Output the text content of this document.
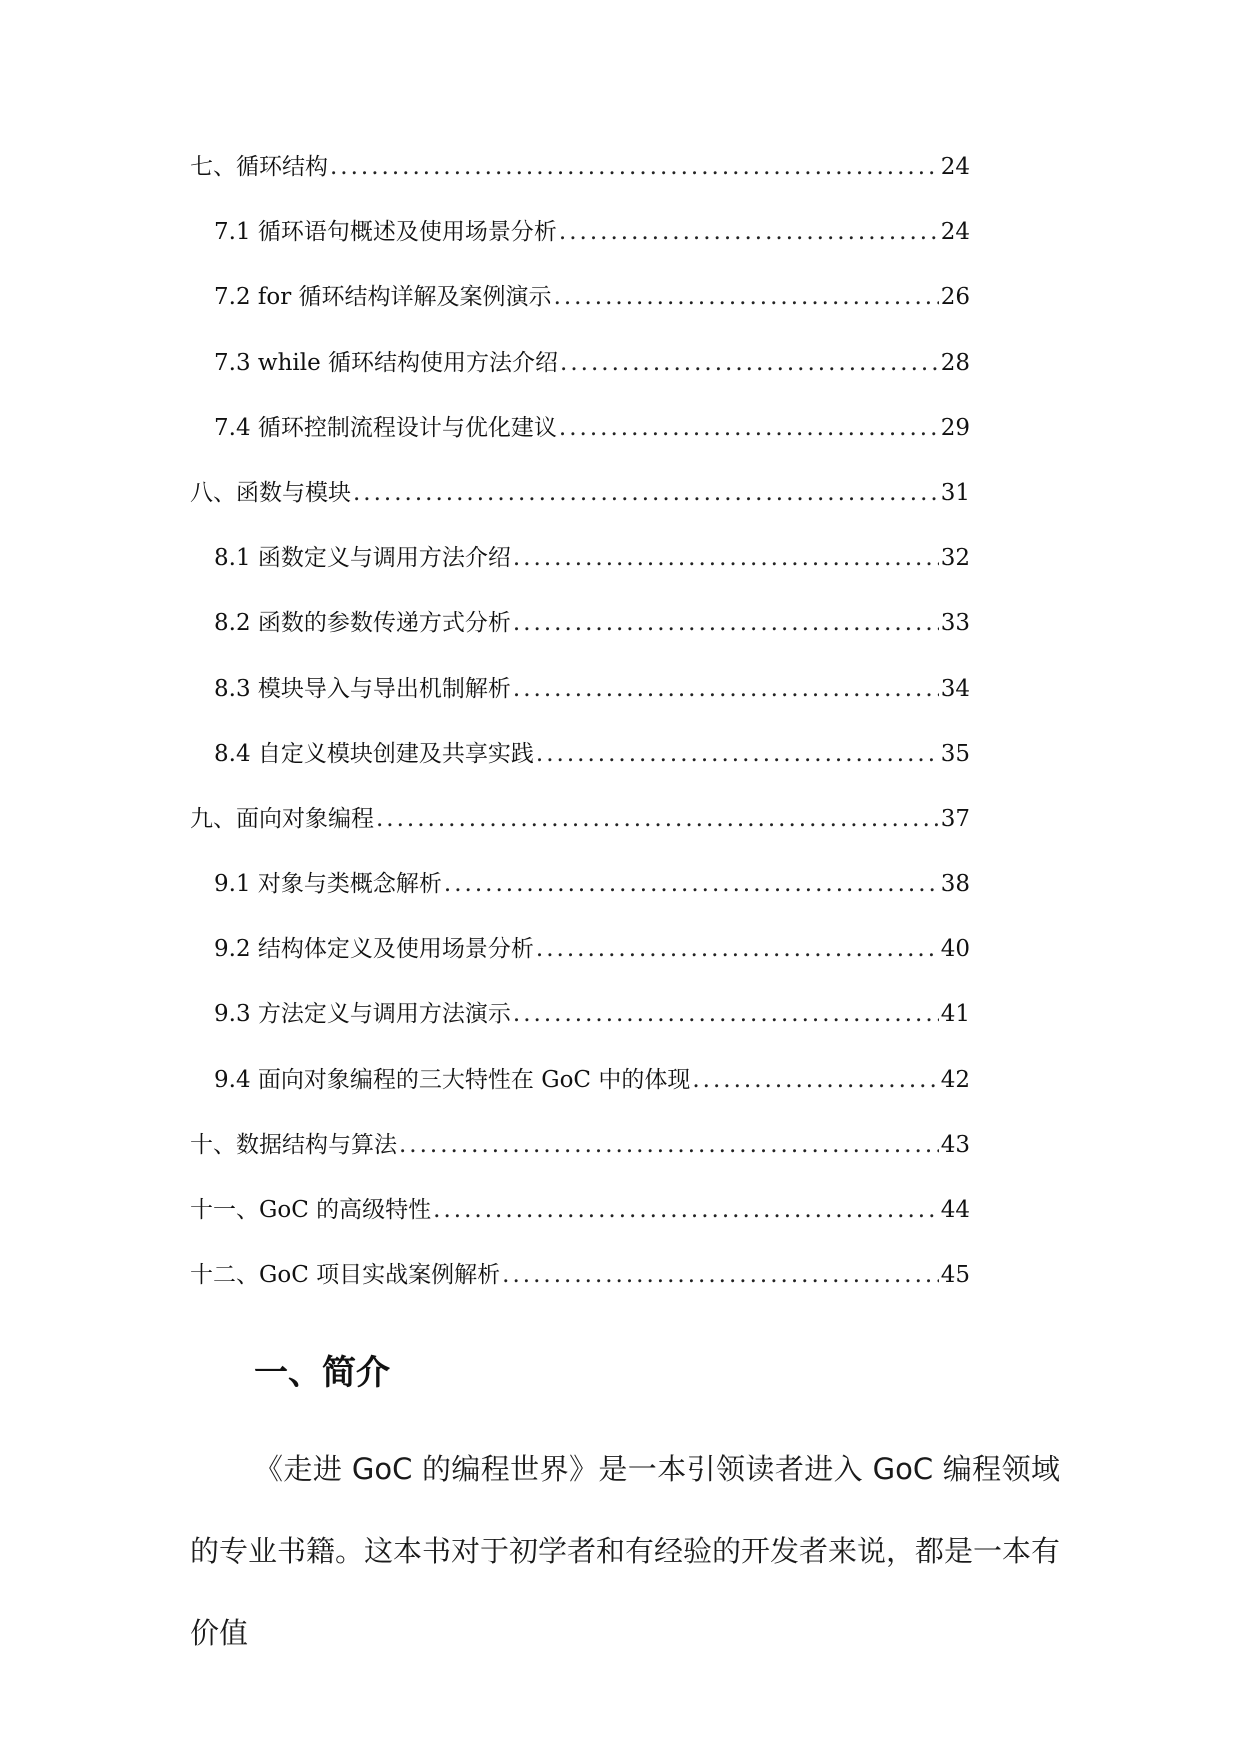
七、循环结构 .....	24
7.1 循环语句概述及使用场景分析 .....	24
7.2 for 循环结构详解及案例演示 .....	26
7.3 while 循环结构使用方法介绍 .....	28
7.4 循环控制流程设计与优化建议 .....	29
八、函数与模块 .....	31
8.1 函数定义与调用方法介绍 .....	32
8.2 函数的参数传递方式分析 .....	33
8.3 模块导入与导出机制解析 .....	34
8.4 自定义模块创建及共享实践 .....	35
九、面向对象编程 .....	37
9.1 对象与类概念解析 .....	38
9.2 结构体定义及使用场景分析 .....	40
9.3 方法定义与调用方法演示 .....	41
9.4 面向对象编程的三大特性在 GoC 中的体现 .....	42
十、数据结构与算法 .....	43
十一、GoC 的高级特性 .....	44
十二、GoC 项目实战案例解析 .....	45
一、简介

《走进 GoC 的编程世界》是一本引领读者进入 GoC 编程领域的专业书籍。这本书对于初学者和有经验的开发者来说，都是一本有价值
